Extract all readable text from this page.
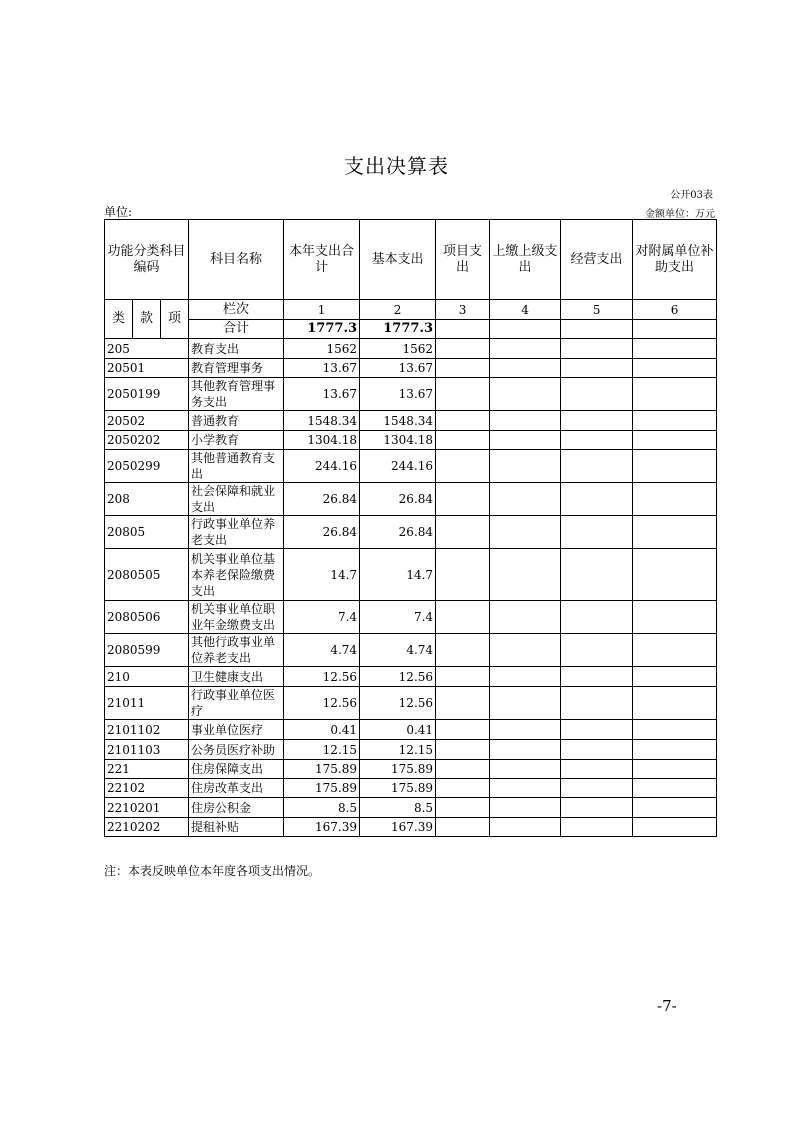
支出决算表
公开03表
单位:	金额单位：万元
功能分类科目编码			科目名称	本年支出合计	基本支出	项目支出	上缴上级支出	经营支出	对附属单位补助支出
类	款	项	栏次	1	2	3	4	5	6
			合计	1777.3	1777.3				
205			教育支出	1562	1562				
20501			教育管理事务	13.67	13.67				
2050199			其他教育管理事务支出	13.67	13.67				
20502			普通教育	1548.34	1548.34				
2050202			小学教育	1304.18	1304.18				
2050299			其他普通教育支出	244.16	244.16				
208			社会保障和就业支出	26.84	26.84				
20805			行政事业单位养老支出	26.84	26.84				
2080505			机关事业单位基本养老保险缴费支出	14.7	14.7				
2080506			机关事业单位职业年金缴费支出	7.4	7.4				
2080599			其他行政事业单位养老支出	4.74	4.74				
210			卫生健康支出	12.56	12.56				
21011			行政事业单位医疗	12.56	12.56				
2101102			事业单位医疗	0.41	0.41				
2101103			公务员医疗补助	12.15	12.15				
221			住房保障支出	175.89	175.89				
22102			住房改革支出	175.89	175.89				
2210201			住房公积金	8.5	8.5				
2210202			提租补贴	167.39	167.39				
注：本表反映单位本年度各项支出情况。
-7-
